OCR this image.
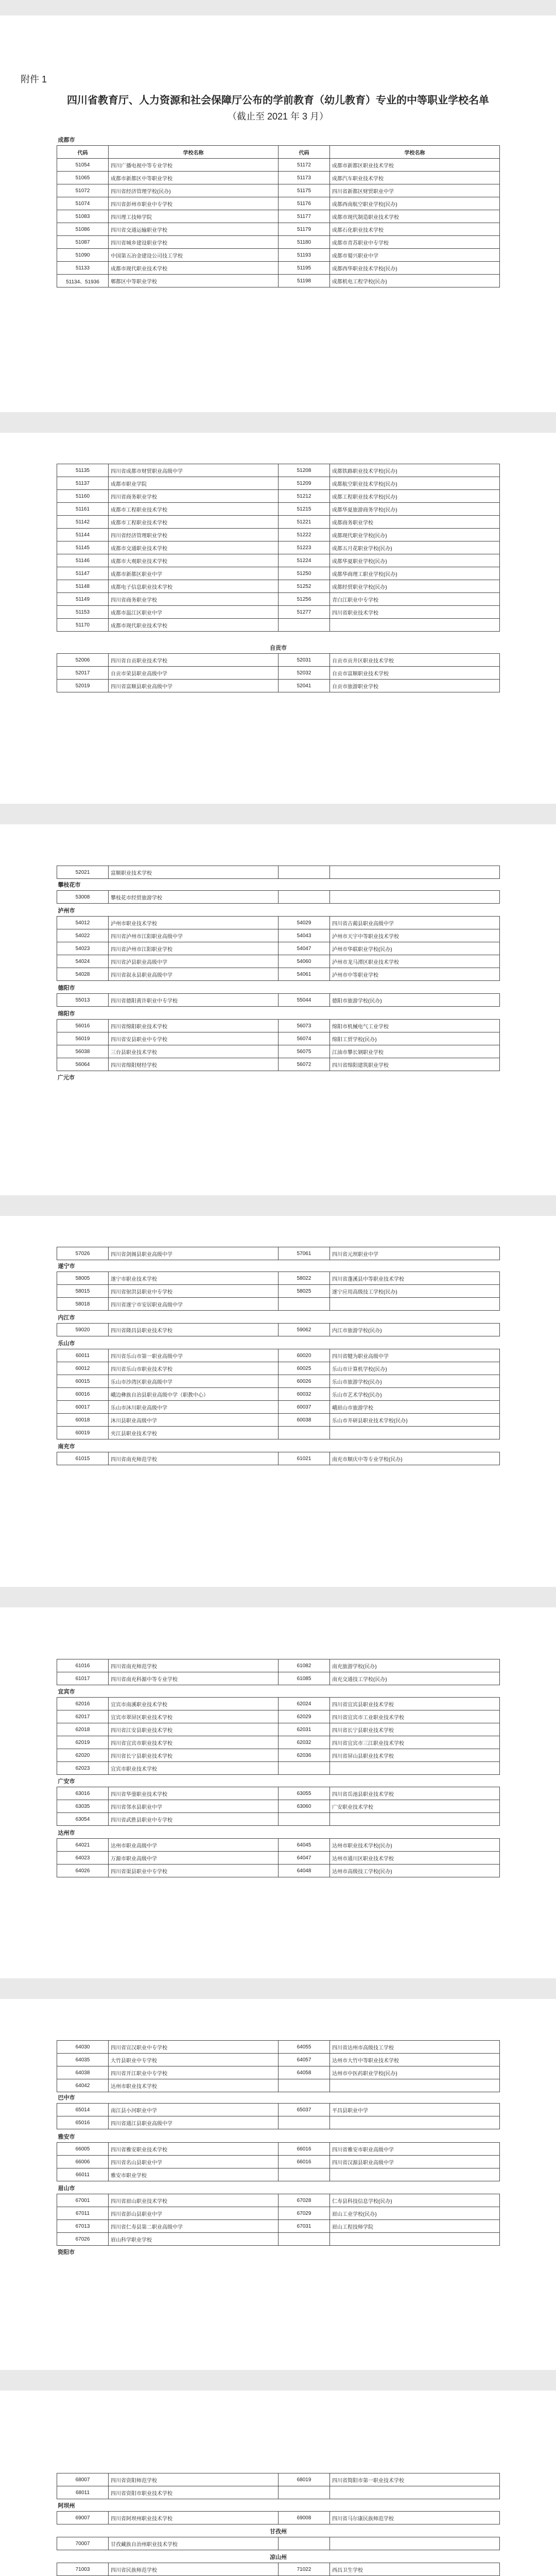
附件 1
四川省教育厅、人力资源和社会保障厅公布的学前教育（幼儿教育）专业的中等职业学校名单
（截止至 2021 年 3 月）
成都市			
代码	学校名称	代码	学校名称
51054	四川广播电视中等专业学校	51172	成都市新都区职业技术学校
51065	成都市新都区中等职业学校	51173	成都汽车职业技术学校
51072	四川省经济管理学校(民办)	51175	四川省新都区财贸职业中学
51074	四川省彭州市职业中专学校	51176	成都西南航空职业学校(民办)
51083	四川理工技师学院	51177	成都市现代制造职业技术学校
51086	四川省交通运输职业学校	51179	成都石化职业技术学校
51087	四川省城乡建设职业学校	51180	成都市青苏职业中专学校
51090	中国第五冶金建设公司技工学校	51193	成都市蜀兴职业中学
51133	成都市现代职业技术学校	51195	成都西华职业技术学校(民办)
51134、51936	郫都区中等职业学校	51198	成都机电工程学校(民办)
51135	四川省成都市财贸职业高级中学	51208	成都铁路职业技术学校(民办)
51137	成都市职业学院	51209	成都航空职业技术学校(民办)
51160	四川省商务职业学校	51212	成都工程职业技术学校(民办)
51161	成都市工程职业技术学校	51215	成都华夏旅游商务学校(民办)
51142	成都市工程职业技术学校	51221	成都商务职业学校
51144	四川省经济管理职业学校	51222	成都现代职业学校(民办)
51145	成都市交通职业技术学校	51223	成都五月花职业学校(民办)
51146	成都市大观职业技术学校	51224	成都华夏职业学校(民办)
51147	成都市新都区职业中学	51250	成都华商理工职业学校(民办)
51148	成都电子信息职业技术学校	51252	成都经贸职业学校(民办)
51149	四川省商务职业学校	51256	青白江职业中专学校
51153	成都市温江区职业中学	51277	四川省职业技术学校
51170	成都市现代职业技术学校		
自贡市			
52006	四川省自贡职业技术学校	52031	自贡市贡井区职业技术学校
52017	自贡市荣县职业高级中学	52032	自贡市富顺职业技术学校
52019	四川省富顺县职业高级中学	52041	自贡市旅游职业学校
52021	富顺职业技术学校		
攀枝花市
53008	攀枝花市经贸旅游学校		
泸州市			
54012	泸州市职业技术学校	54029	四川省古蔺县职业高级中学
54022	四川省泸州市江阳职业高级中学	54043	泸州市天宇中等职业技术学校
54023	四川省泸州市江阳职业学校	54047	泸州市华联职业学校(民办)
54024	四川省泸县职业高级中学	54060	泸州市龙马潭区职业技术学校
54028	四川省叙永县职业高级中学	54061	泸州市中等职业学校
德阳市
55013	四川省德阳黄许职业中专学校	55044	德阳市旅游学校(民办)
绵阳市			
56016	四川省绵阳职业技术学校	56073	绵阳市机械电气工业学校
56019	四川省安县职业中专学校	56074	绵阳工贸学校(民办)
56038	三台县职业技术学校	56075	江油市攀长钢职业学校
56064	四川省绵阳财经学校	56072	四川省绵阳建筑职业学校
广元市
57026	四川省剑阁县职业高级中学	57061	四川省元坝职业中学
遂宁市			
58005	遂宁市职业技术学校	58022	四川省蓬溪县中等职业技术学校
58015	四川省射洪县职业中专学校	58025	遂宁应用高级技工学校(民办)
58018	四川省遂宁市安居职业高级中学		
内江市
59020	四川省隆昌县职业技术学校	59062	内江市旅游学校(民办)
乐山市			
60011	四川省乐山市第一职业高级中学	60020	四川省犍为职业高级中学
60012	四川省乐山市职业技术学校	60025	乐山市计算机学校(民办)
60015	乐山市沙湾区职业高级中学	60026	乐山市旅游学校(民办)
60016	峨边彝族自治县职业高级中学（职教中心）	60032	乐山市艺术学校(民办)
60017	乐山市沐川职业高级中学	60037	峨眉山市旅游学校
60018	沐川县职业高级中学	60038	乐山市井研县职业技术学校(民办)
60019	夹江县职业技术学校		
南充市
61015	四川省南充师范学校	61021	南充市顺庆中等专业学校(民办)
61016	四川省南充师范学校	61082	南充旅游学校(民办)
61017	四川省南充科源中等专业学校	61085	南充交通技工学校(民办)
宜宾市			
62016	宜宾市南溪职业技术学校	62024	四川省宜宾县职业技术学校
62017	宜宾市翠屏区职业技术学校	62029	四川省宜宾市工业职业技术学校
62018	四川省江安县职业技术学校	62031	四川省长宁县职业技术学校
62019	四川省宜宾市职业技术学校	62032	四川省宜宾市三江职业技术学校
62020	四川省长宁县职业技术学校	62036	四川省屏山县职业技术学校
62023	宜宾市职业技术学校		
广安市			
63016	四川省华蓥职业技术学校	63055	四川省岳池县职业技术学校
63035	四川省邻水县职业中学	63060	广安职业技术学校
63054	四川省武胜县职业中专学校		
达州市			
64021	达州市职业高级中学	64045	达州市职业技术学校(民办)
64023	万源市职业高级中学	64047	达州市通川区职业技术学校
64026	四川省渠县职业中专学校	64048	达州市高级技工学校(民办)
64030	四川省宣汉职业中专学校	64055	四川省达州市高级技工学校
64035	大竹县职业中专学校	64057	达州市大竹中等职业技术学校
64038	四川省开江职业中专学校	64058	达州市中医药职业学校(民办)
64042	达州市职业技术学校		
巴中市			
65014	南江县小河职业中学	65037	平昌县职业中学
65016	四川省通江县职业高级中学		
雅安市			
66005	四川省雅安职业技术学校	66016	四川省雅安市职业高级中学
66006	四川省名山县职业中学	66016	四川省汉源县职业高级中学
66011	雅安市职业学校		
眉山市			
67001	四川省眉山职业技术学校	67028	仁寿县科技信息学校(民办)
67011	四川省彭山县职业中学	67029	眉山工业学校(民办)
67013	四川省仁寿县第二职业高级中学	67031	眉山工程技师学院
67026	眉山科学职业学校		
资阳市
68007	四川省资阳师范学校	68019	四川省简阳市第一职业技术学校
68011	四川省资阳市职业技术学校		
阿坝州
69007	四川省阿坝州职业技术学校	69008	四川省马尔康民族师范学校
甘孜州
70007	甘孜藏族自治州职业技术学校		
凉山州			
71003	四川省民族师范学校	71022	西昌卫生学校
